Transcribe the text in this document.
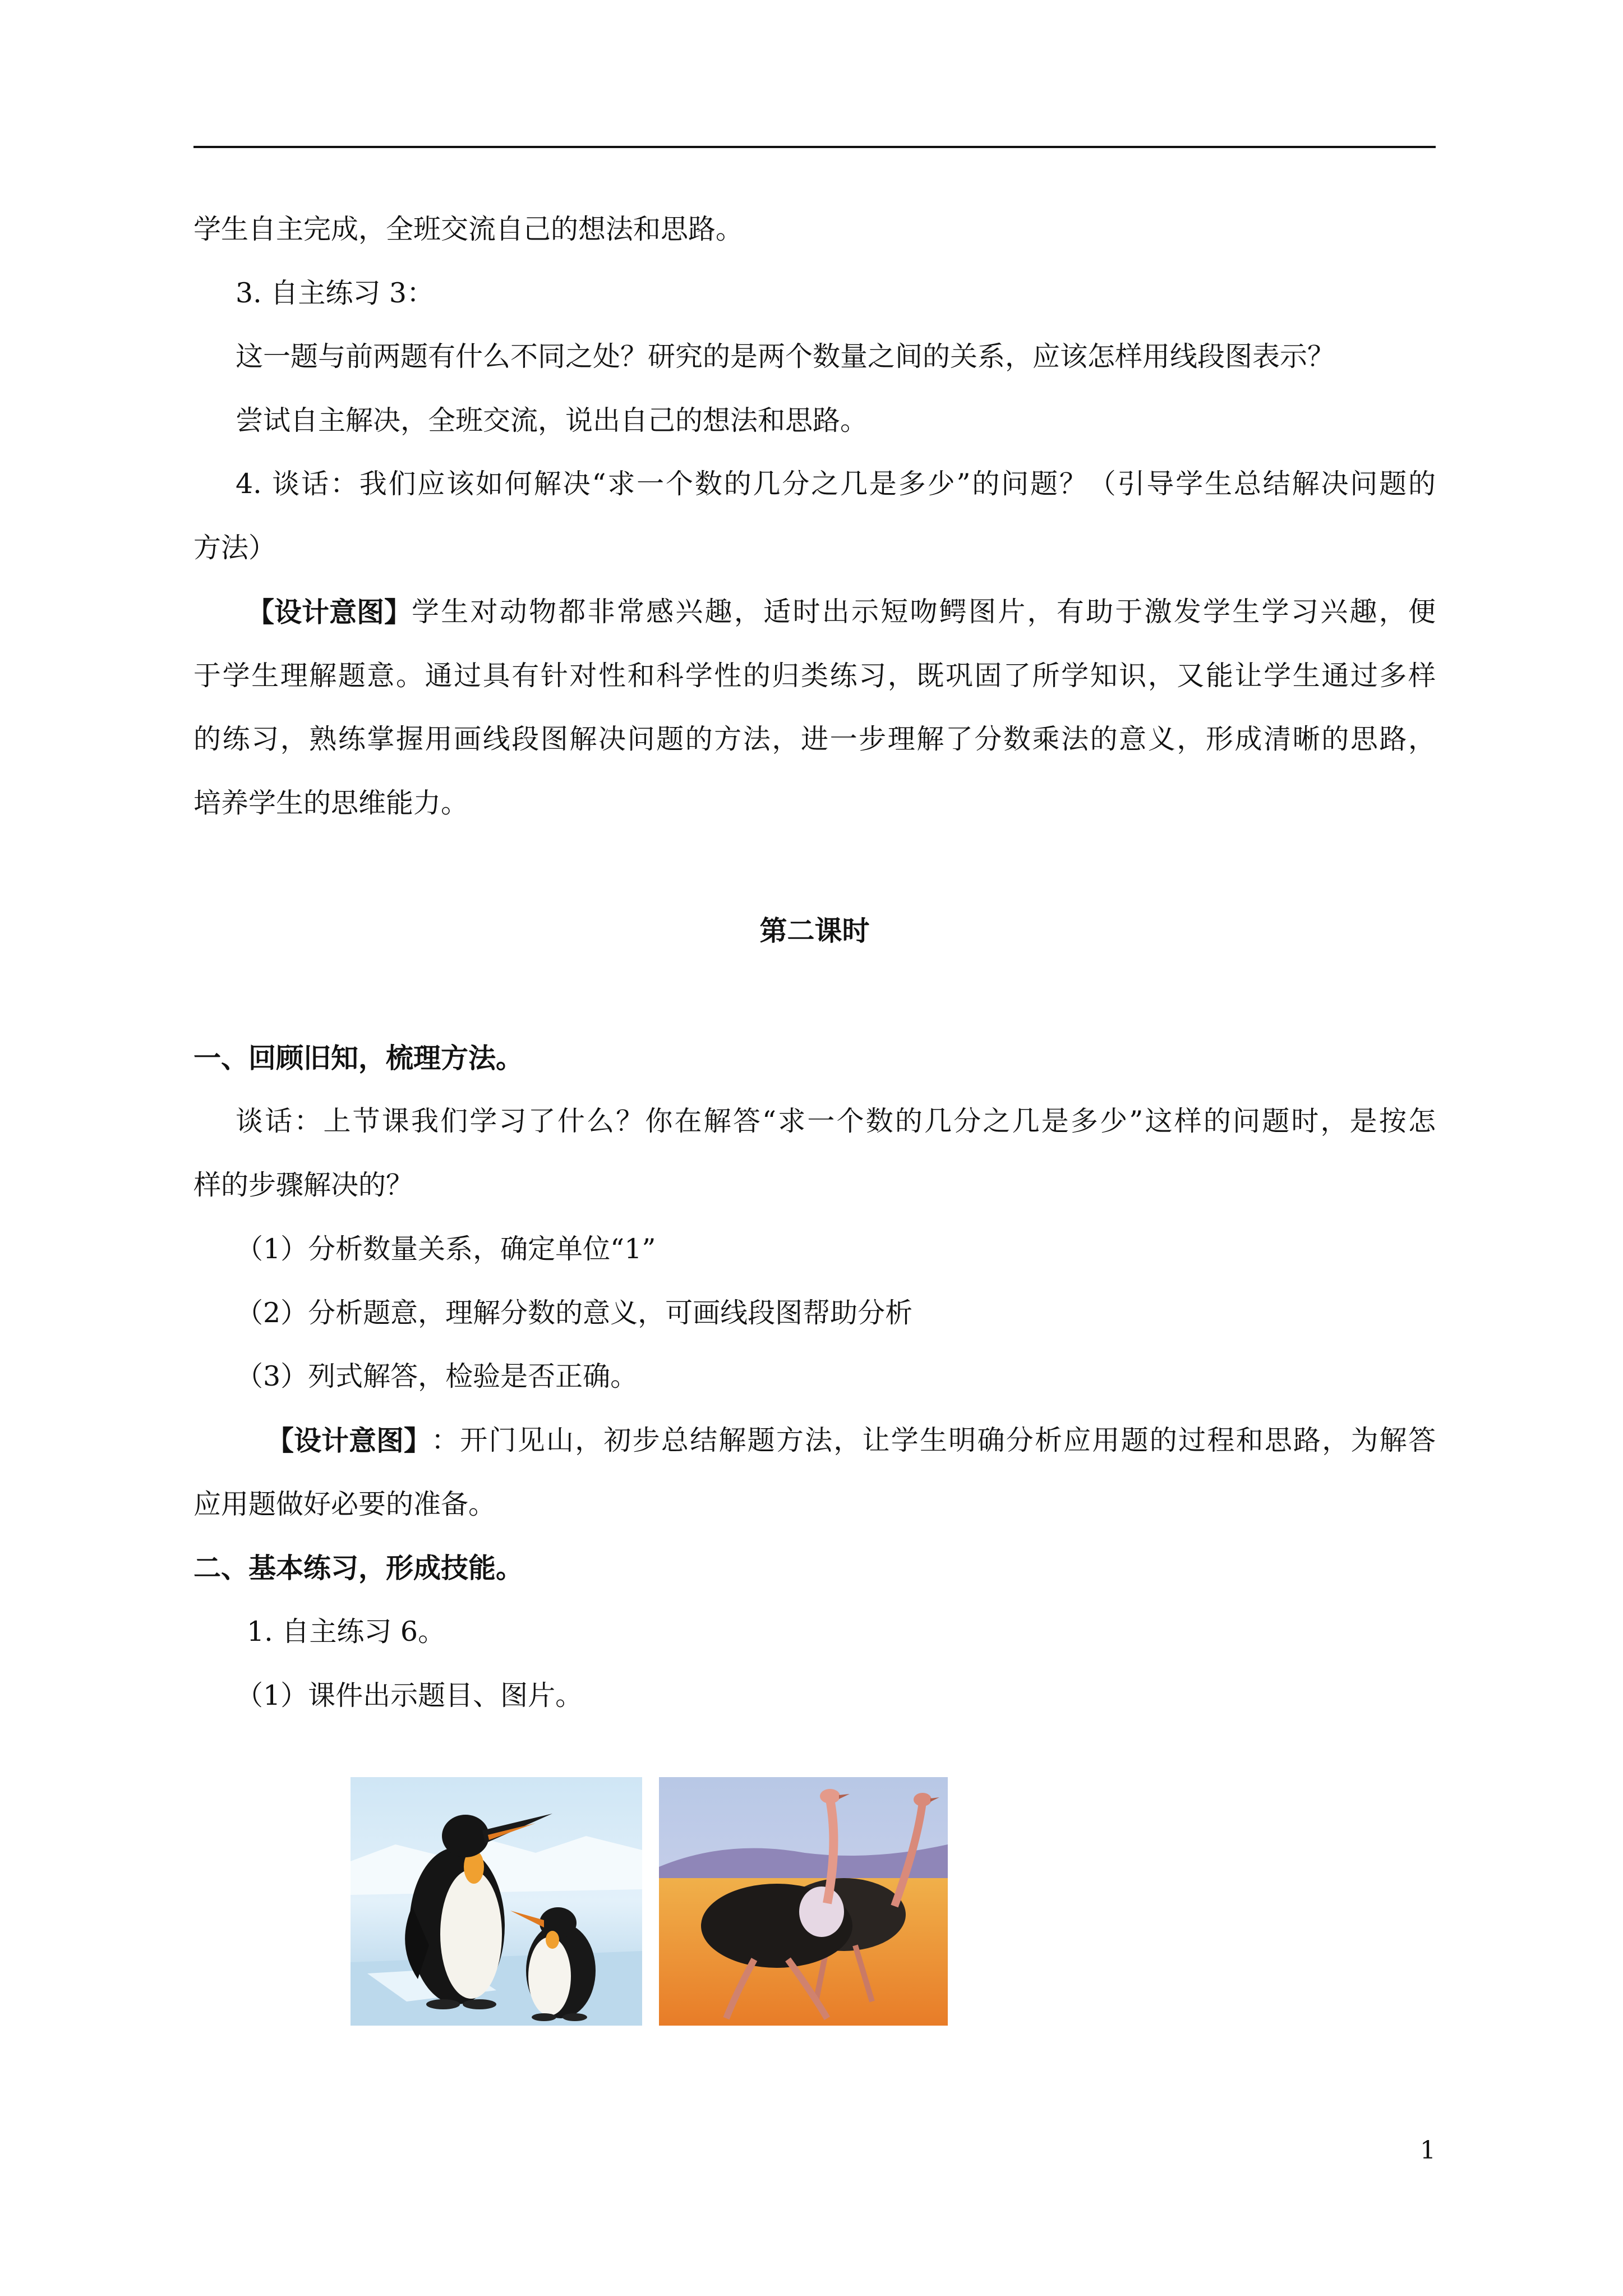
学生自主完成，全班交流自己的想法和思路。
3. 自主练习 3：
这一题与前两题有什么不同之处？研究的是两个数量之间的关系，应该怎样用线段图表示？
尝试自主解决，全班交流，说出自己的想法和思路。
4. 谈话：我们应该如何解决“求一个数的几分之几是多少”的问题？（引导学生总结解决问题的
方法）
【设计意图】 学生对动物都非常感兴趣，适时出示短吻鳄图片，有助于激发学生学习兴趣，便
于学生理解题意。通过具有针对性和科学性的归类练习，既巩固了所学知识，又能让学生通过多样
的练习，熟练掌握用画线段图解决问题的方法，进一步理解了分数乘法的意义，形成清晰的思路，
培养学生的思维能力。
第二课时
一、回顾旧知，梳理方法。
谈话：上节课我们学习了什么？你在解答“求一个数的几分之几是多少”这样的问题时，是按怎
样的步骤解决的？
（1）分析数量关系，确定单位“1”
（2）分析题意，理解分数的意义，可画线段图帮助分析
（3）列式解答，检验是否正确。
【设计意图】 ：开门见山，初步总结解题方法，让学生明确分析应用题的过程和思路，为解答
应用题做好必要的准备。
二、基本练习，形成技能。
1. 自主练习 6。
（1）课件出示题目、图片。
1
